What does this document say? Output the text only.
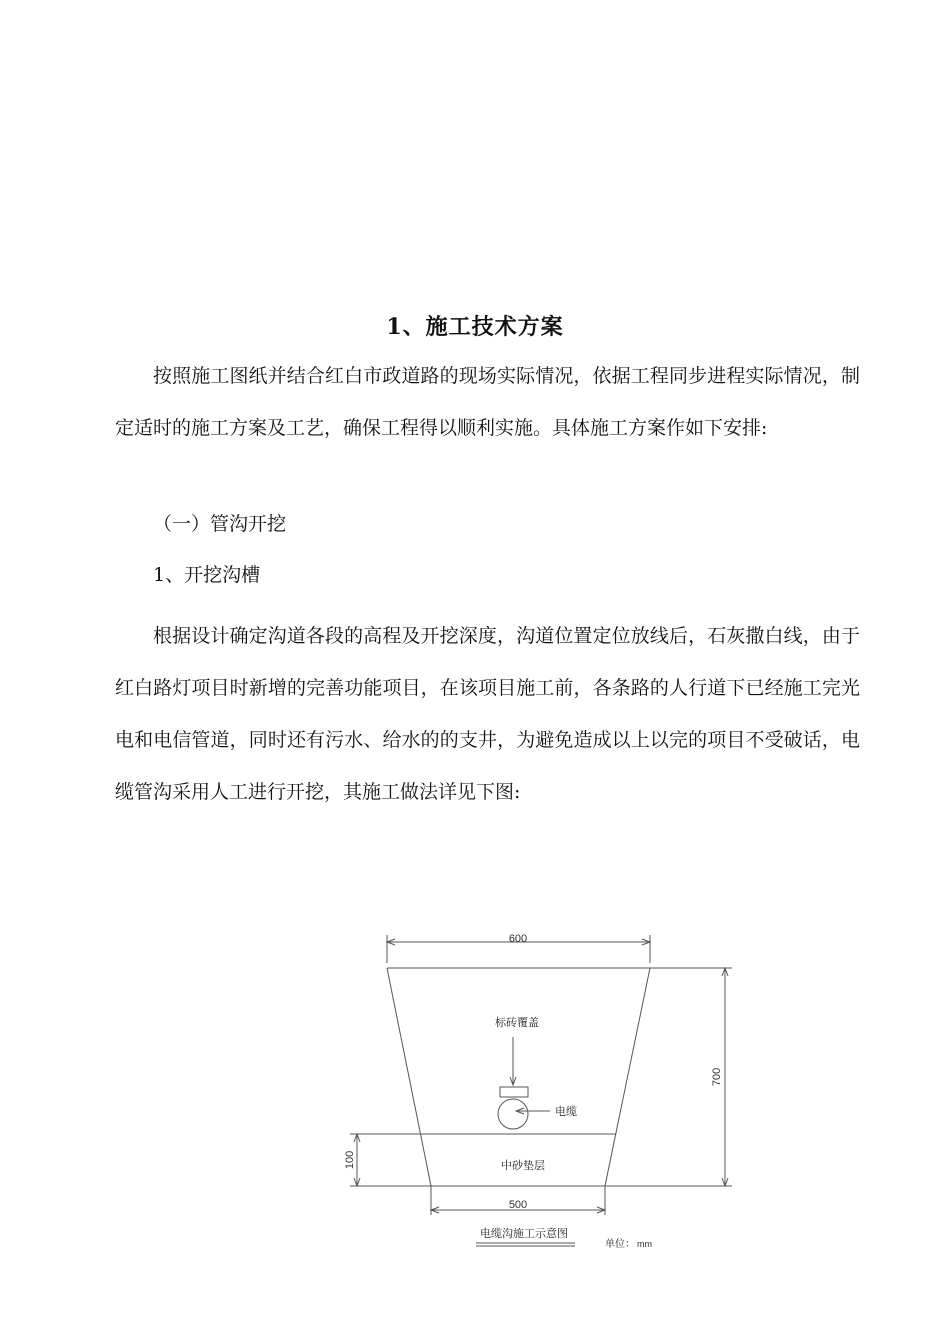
1、施工技术方案

按照施工图纸并结合红白市政道路的现场实际情况，依据工程同步进程实际情况，制定适时的施工方案及工艺，确保工程得以顺利实施。具体施工方案作如下安排:

（一）管沟开挖
1、开挖沟槽

根据设计确定沟道各段的高程及开挖深度，沟道位置定位放线后，石灰撒白线，由于红白路灯项目时新增的完善功能项目，在该项目施工前，各条路的人行道下已经施工完光电和电信管道，同时还有污水、给水的的支井，为避免造成以上以完的项目不受破话，电缆管沟采用人工进行开挖，其施工做法详见下图:

600
700
100
500
标砖覆盖
电缆
中砂垫层
电缆沟施工示意图
单位： mm
